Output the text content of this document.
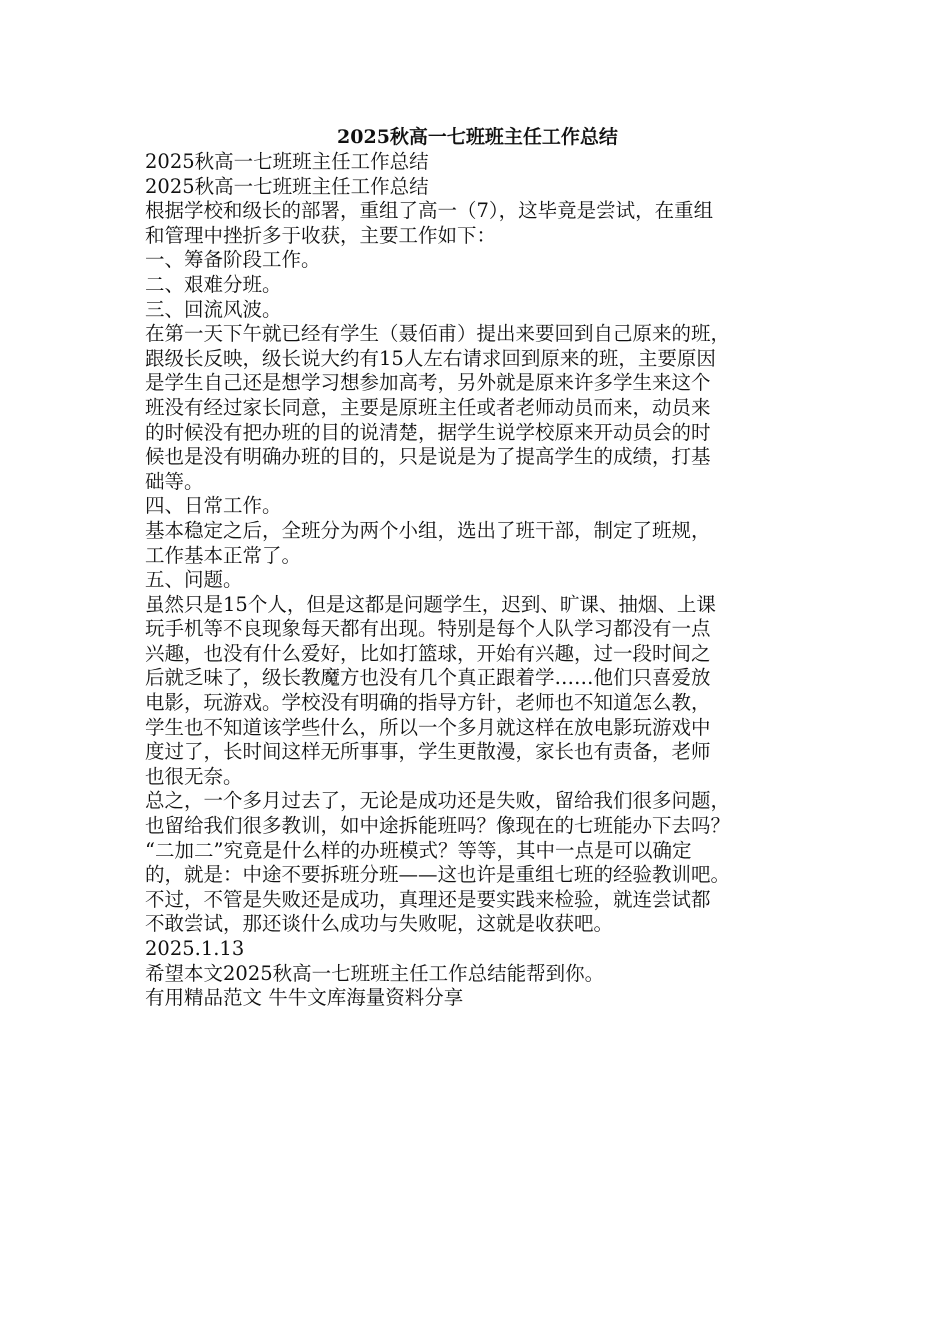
2025秋高一七班班主任工作总结

2025秋高一七班班主任工作总结

2025秋高一七班班主任工作总结

根据学校和级长的部署，重组了高一（7），这毕竟是尝试，在重组

和管理中挫折多于收获，主要工作如下：

一、筹备阶段工作。

二、艰难分班。

三、回流风波。

在第一天下午就已经有学生（聂佰甫）提出来要回到自己原来的班，

跟级长反映，级长说大约有15人左右请求回到原来的班，主要原因

是学生自己还是想学习想参加高考，另外就是原来许多学生来这个

班没有经过家长同意，主要是原班主任或者老师动员而来，动员来

的时候没有把办班的目的说清楚，据学生说学校原来开动员会的时

候也是没有明确办班的目的，只是说是为了提高学生的成绩，打基

础等。

四、日常工作。

基本稳定之后，全班分为两个小组，选出了班干部，制定了班规，

工作基本正常了。

五、问题。

虽然只是15个人，但是这都是问题学生，迟到、旷课、抽烟、上课

玩手机等不良现象每天都有出现。特别是每个人队学习都没有一点

兴趣，也没有什么爱好，比如打篮球，开始有兴趣，过一段时间之

后就乏味了，级长教魔方也没有几个真正跟着学……他们只喜爱放

电影，玩游戏。学校没有明确的指导方针，老师也不知道怎么教，

学生也不知道该学些什么，所以一个多月就这样在放电影玩游戏中

度过了，长时间这样无所事事，学生更散漫，家长也有责备，老师

也很无奈。

总之，一个多月过去了，无论是成功还是失败，留给我们很多问题，

也留给我们很多教训，如中途拆能班吗？像现在的七班能办下去吗？

“二加二”究竟是什么样的办班模式？等等，其中一点是可以确定

的，就是：中途不要拆班分班——这也许是重组七班的经验教训吧。

不过，不管是失败还是成功，真理还是要实践来检验，就连尝试都

不敢尝试，那还谈什么成功与失败呢，这就是收获吧。

2025.1.13

希望本文2025秋高一七班班主任工作总结能帮到你。

有用精品范文 牛牛文库海量资料分享
